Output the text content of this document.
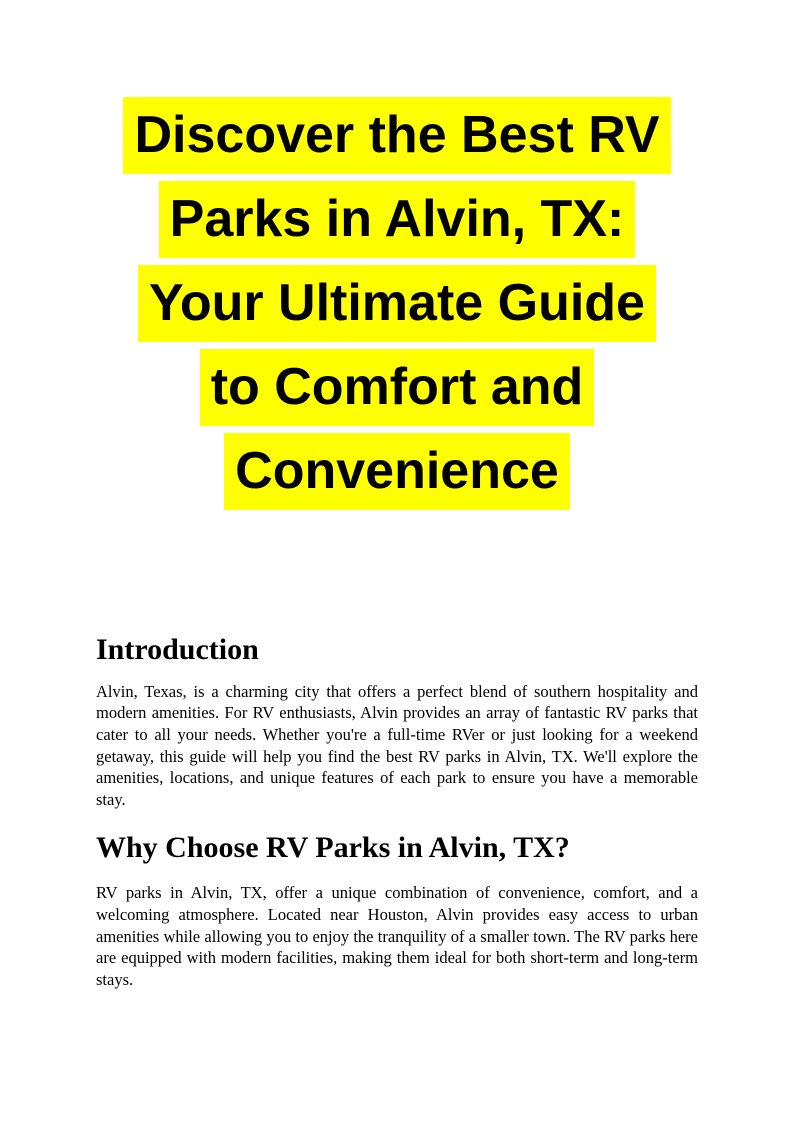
Discover the Best RV
Parks in Alvin, TX:
Your Ultimate Guide
to Comfort and
Convenience
Introduction

Alvin, Texas, is a charming city that offers a perfect blend of southern hospitality and modern amenities. For RV enthusiasts, Alvin provides an array of fantastic RV parks that cater to all your needs. Whether you're a full-time RVer or just looking for a weekend getaway, this guide will help you find the best RV parks in Alvin, TX. We'll explore the amenities, locations, and unique features of each park to ensure you have a memorable stay.

Why Choose RV Parks in Alvin, TX?

RV parks in Alvin, TX, offer a unique combination of convenience, comfort, and a welcoming atmosphere. Located near Houston, Alvin provides easy access to urban amenities while allowing you to enjoy the tranquility of a smaller town. The RV parks here are equipped with modern facilities, making them ideal for both short-term and long-term stays.
